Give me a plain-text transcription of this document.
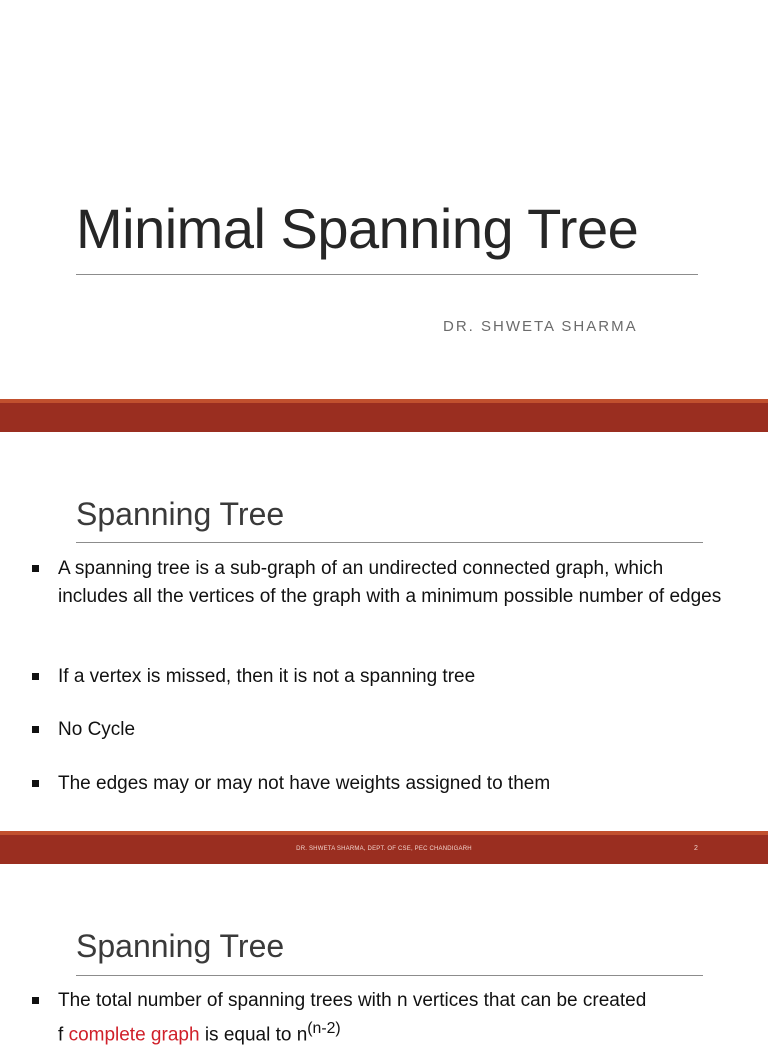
Minimal Spanning Tree
DR. SHWETA SHARMA
Spanning Tree
A spanning tree is a sub-graph of an undirected connected graph, which includes all the vertices of the graph with a minimum possible number of edges
If a vertex is missed, then it is not a spanning tree
No Cycle
The edges may or may not have weights assigned to them
DR. SHWETA SHARMA, DEPT. OF CSE, PEC CHANDIGARH	2
Spanning Tree
The total number of spanning trees with n vertices that can be created
f complete graph is equal to $n^{(n-2)}$
